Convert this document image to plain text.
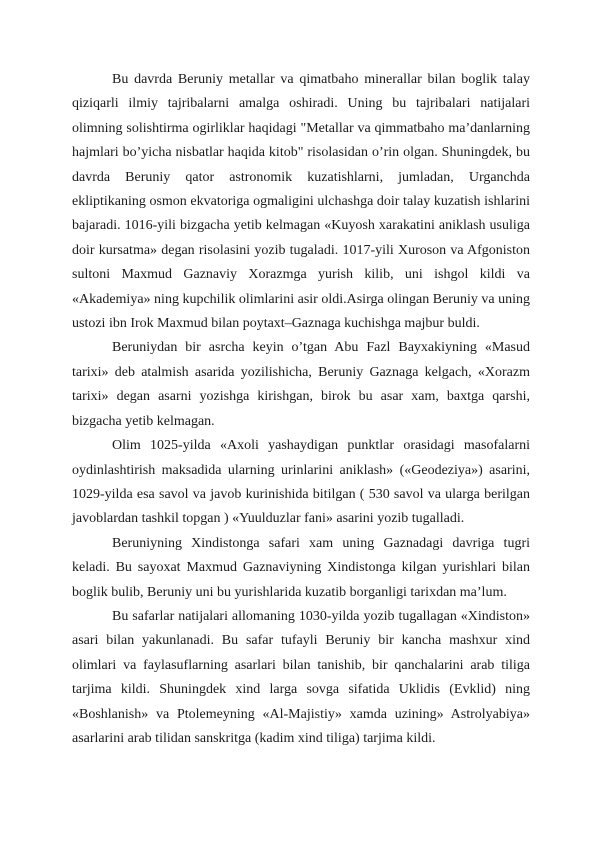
Bu davrda Beruniy metallar va qimatbaho minerallar bilan boglik talay qiziqarli ilmiy tajribalarni amalga oshiradi. Uning bu tajribalari natijalari olimning solishtirma ogirliklar haqidagi "Metallar va qimmatbaho ma’danlarning hajmlari bo’yicha nisbatlar haqida kitob" risolasidan o’rin olgan. Shuningdek, bu davrda Beruniy qator astronomik kuzatishlarni, jumladan, Urganchda ekliptikaning osmon ekvatoriga ogmaligini ulchashga doir talay kuzatish ishlarini bajaradi. 1016-yili bizgacha yetib kelmagan «Kuyosh xarakatini aniklash usuliga doir kursatma» degan risolasini yozib tugaladi. 1017-yili Xuroson va Afgoniston sultoni Maxmud Gaznaviy Xorazmga yurish kilib, uni ishgol kildi va «Akademiya» ning kupchilik olimlarini asir oldi.Asirga olingan Beruniy va uning ustozi ibn Irok Maxmud bilan poytaxt–Gaznaga kuchishga majbur buldi.

Beruniydan bir asrcha keyin o’tgan Abu Fazl Bayxakiyning «Masud tarixi» deb atalmish asarida yozilishicha, Beruniy Gaznaga kelgach, «Xorazm tarixi» degan asarni yozishga kirishgan, birok bu asar xam, baxtga qarshi, bizgacha yetib kelmagan.

Olim 1025-yilda «Axoli yashaydigan punktlar orasidagi masofalarni oydinlashtirish maksadida ularning urinlarini aniklash» («Geodeziya») asarini, 1029-yilda esa savol va javob kurinishida bitilgan ( 530 savol va ularga berilgan javoblardan tashkil topgan ) «Yuulduzlar fani» asarini yozib tugalladi.

Beruniyning Xindistonga safari xam uning Gaznadagi davriga tugri keladi. Bu sayoxat Maxmud Gaznaviyning Xindistonga kilgan yurishlari bilan boglik bulib, Beruniy uni bu yurishlarida kuzatib borganligi tarixdan ma’lum.

Bu safarlar natijalari allomaning 1030-yilda yozib tugallagan «Xindiston» asari bilan yakunlanadi. Bu safar tufayli Beruniy bir kancha mashxur xind olimlari va faylasuflarning asarlari bilan tanishib, bir qanchalarini arab tiliga tarjima kildi. Shuningdek xind larga sovga sifatida Uklidis (Evklid) ning «Boshlanish» va Ptolemeyning «Al-Majistiy» xamda uzining» Astrolyabiya» asarlarini arab tilidan sanskritga (kadim xind tiliga) tarjima kildi.
